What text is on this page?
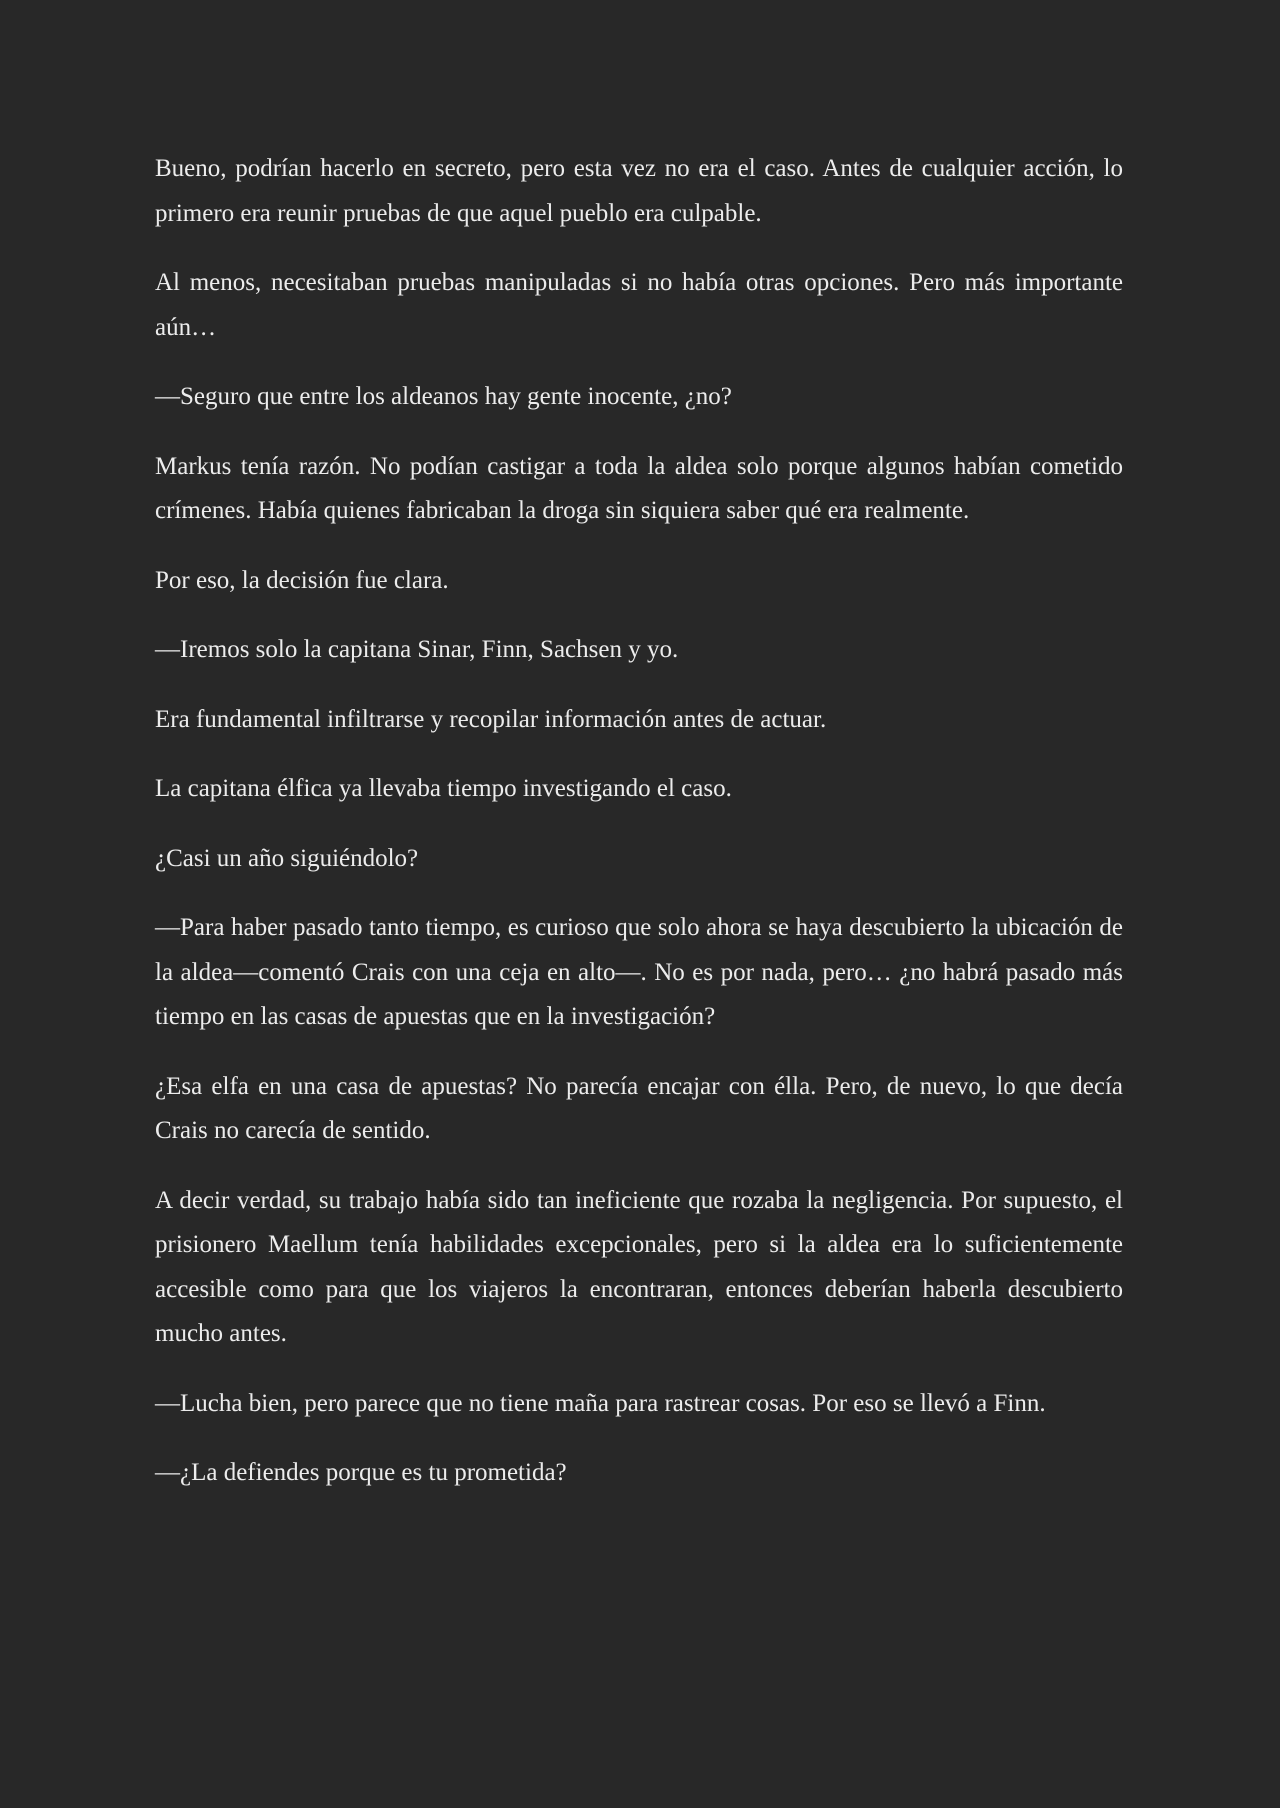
Bueno, podrían hacerlo en secreto, pero esta vez no era el caso. Antes de cualquier acción, lo primero era reunir pruebas de que aquel pueblo era culpable.

Al menos, necesitaban pruebas manipuladas si no había otras opciones. Pero más importante aún…

—Seguro que entre los aldeanos hay gente inocente, ¿no?

Markus tenía razón. No podían castigar a toda la aldea solo porque algunos habían cometido crímenes. Había quienes fabricaban la droga sin siquiera saber qué era realmente.

Por eso, la decisión fue clara.

—Iremos solo la capitana Sinar, Finn, Sachsen y yo.

Era fundamental infiltrarse y recopilar información antes de actuar.

La capitana élfica ya llevaba tiempo investigando el caso.

¿Casi un año siguiéndolo?

—Para haber pasado tanto tiempo, es curioso que solo ahora se haya descubierto la ubicación de la aldea—comentó Crais con una ceja en alto—. No es por nada, pero… ¿no habrá pasado más tiempo en las casas de apuestas que en la investigación?

¿Esa elfa en una casa de apuestas? No parecía encajar con élla. Pero, de nuevo, lo que decía Crais no carecía de sentido.

A decir verdad, su trabajo había sido tan ineficiente que rozaba la negligencia. Por supuesto, el prisionero Maellum tenía habilidades excepcionales, pero si la aldea era lo suficientemente accesible como para que los viajeros la encontraran, entonces deberían haberla descubierto mucho antes.

—Lucha bien, pero parece que no tiene maña para rastrear cosas. Por eso se llevó a Finn.

—¿La defiendes porque es tu prometida?
